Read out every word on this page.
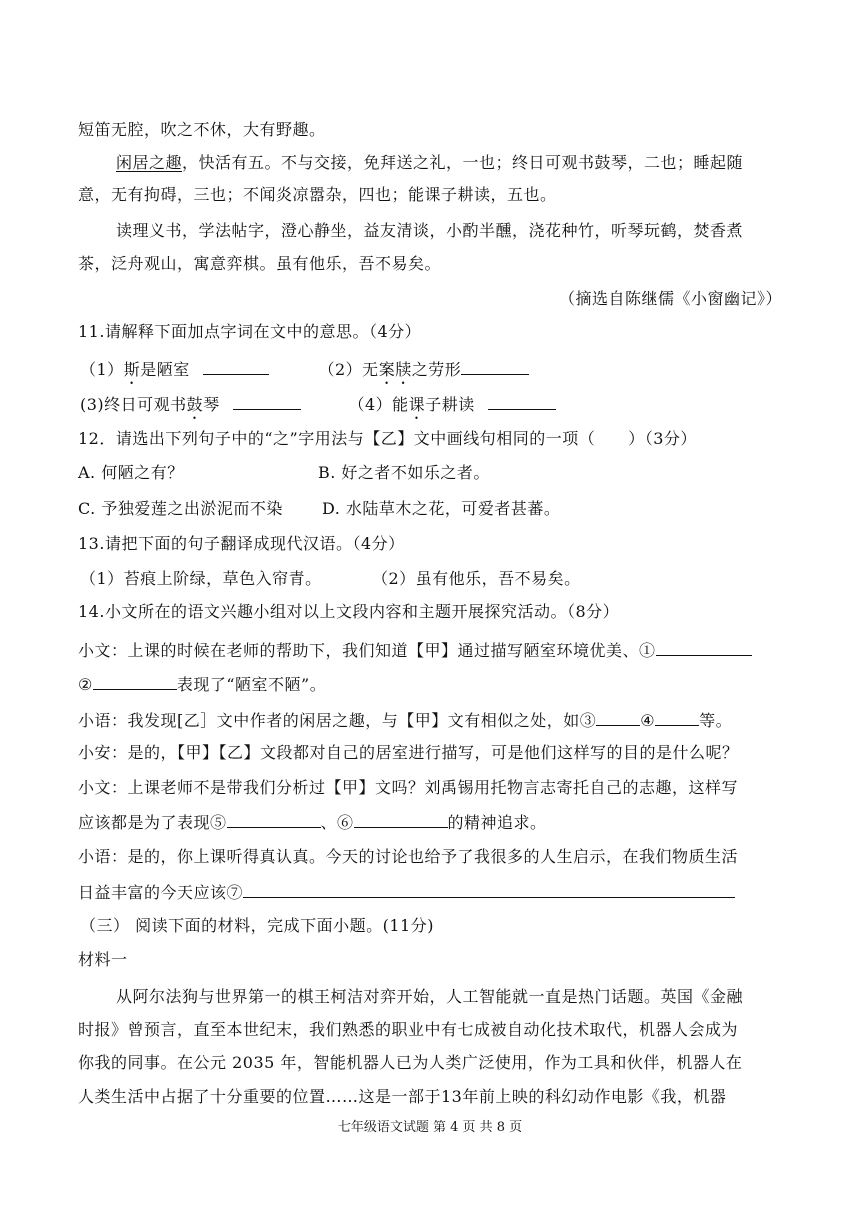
短笛无腔，吹之不休，大有野趣。
闲居之趣，快活有五。不与交接，免拜送之礼，一也；终日可观书鼓琴，二也；睡起随
意，无有拘碍，三也；不闻炎凉嚣杂，四也；能课子耕读，五也。
读理义书，学法帖字，澄心静坐，益友清谈，小酌半醺，浇花种竹，听琴玩鹤，焚香煮
茶，泛舟观山，寓意弈棋。虽有他乐，吾不易矣。
（摘选自陈继儒《小窗幽记》）
11.请解释下面加点字词在文中的意思。（4分）
（1）斯是陋室	（2）无案牍之劳形
(3)终日可观书鼓琴	（4）能课子耕读
12．请选出下列句子中的“之”字用法与【乙】文中画线句相同的一项（　　）（3分）
A. 何陋之有？	B. 好之者不如乐之者。
C. 予独爱莲之出淤泥而不染 D. 水陆草木之花，可爱者甚蕃。
13.请把下面的句子翻译成现代汉语。（4分）
（1）苔痕上阶绿，草色入帘青。	（2）虽有他乐，吾不易矣。
14.小文所在的语文兴趣小组对以上文段内容和主题开展探究活动。（8分）
小文：上课的时候在老师的帮助下，我们知道【甲】通过描写陋室环境优美、①
②	表现了“陋室不陋”。
小语：我发现[乙］文中作者的闲居之趣，与【甲】文有相似之处，如③	④	等。
小安：是的，【甲】【乙】文段都对自己的居室进行描写，可是他们这样写的目的是什么呢？
小文：上课老师不是带我们分析过【甲】文吗？刘禹锡用托物言志寄托自己的志趣，这样写
应该都是为了表现⑤	、⑥	的精神追求。
小语：是的，你上课听得真认真。今天的讨论也给予了我很多的人生启示，在我们物质生活
日益丰富的今天应该⑦
（三） 阅读下面的材料，完成下面小题。(11分)
材料一
从阿尔法狗与世界第一的棋王柯洁对弈开始，人工智能就一直是热门话题。英国《金融
时报》曾预言，直至本世纪末，我们熟悉的职业中有七成被自动化技术取代，机器人会成为
你我的同事。在公元 2035 年，智能机器人已为人类广泛使用，作为工具和伙伴，机器人在
人类生活中占据了十分重要的位置……这是一部于13年前上映的科幻动作电影《我，机器
七年级语文试题 第 4 页 共 8 页
